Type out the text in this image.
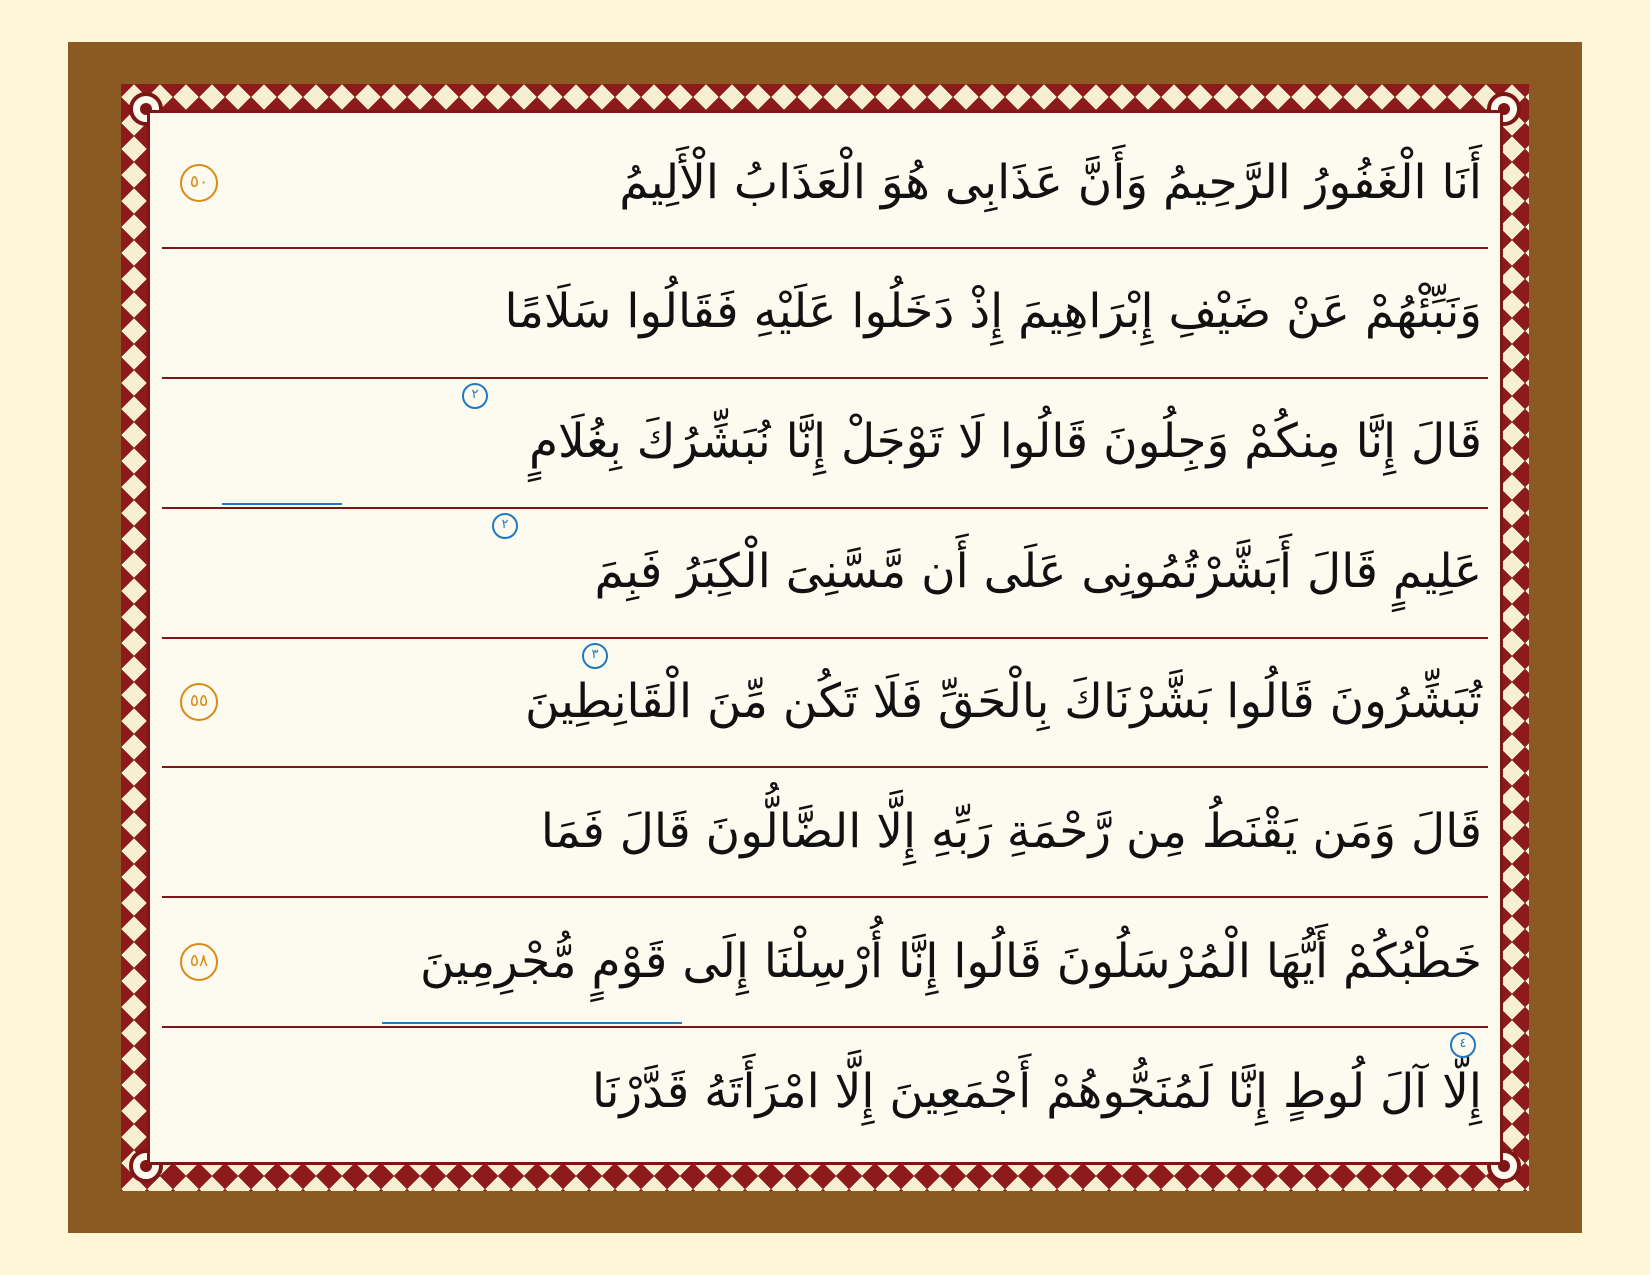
أَنَا الْغَفُورُ الرَّحِيمُ وَأَنَّ عَذَابِى هُوَ الْعَذَابُ الْأَلِيمُ
٥٠
وَنَبِّئْهُمْ عَنْ ضَيْفِ إِبْرَاهِيمَ إِذْ دَخَلُوا عَلَيْهِ فَقَالُوا سَلَامًا
قَالَ إِنَّا مِنكُمْ وَجِلُونَ قَالُوا لَا تَوْجَلْ إِنَّا نُبَشِّرُكَ بِغُلَامٍ
٢
عَلِيمٍ قَالَ أَبَشَّرْتُمُونِى عَلَى أَن مَّسَّنِىَ الْكِبَرُ فَبِمَ
٢
تُبَشِّرُونَ قَالُوا بَشَّرْنَاكَ بِالْحَقِّ فَلَا تَكُن مِّنَ الْقَانِطِينَ
٣
٥٥
قَالَ وَمَن يَقْنَطُ مِن رَّحْمَةِ رَبِّهِ إِلَّا الضَّالُّونَ قَالَ فَمَا
خَطْبُكُمْ أَيُّهَا الْمُرْسَلُونَ قَالُوا إِنَّا أُرْسِلْنَا إِلَى قَوْمٍ مُّجْرِمِينَ
٥٨
إِلَّا آلَ لُوطٍ إِنَّا لَمُنَجُّوهُمْ أَجْمَعِينَ إِلَّا امْرَأَتَهُ قَدَّرْنَا
٤
